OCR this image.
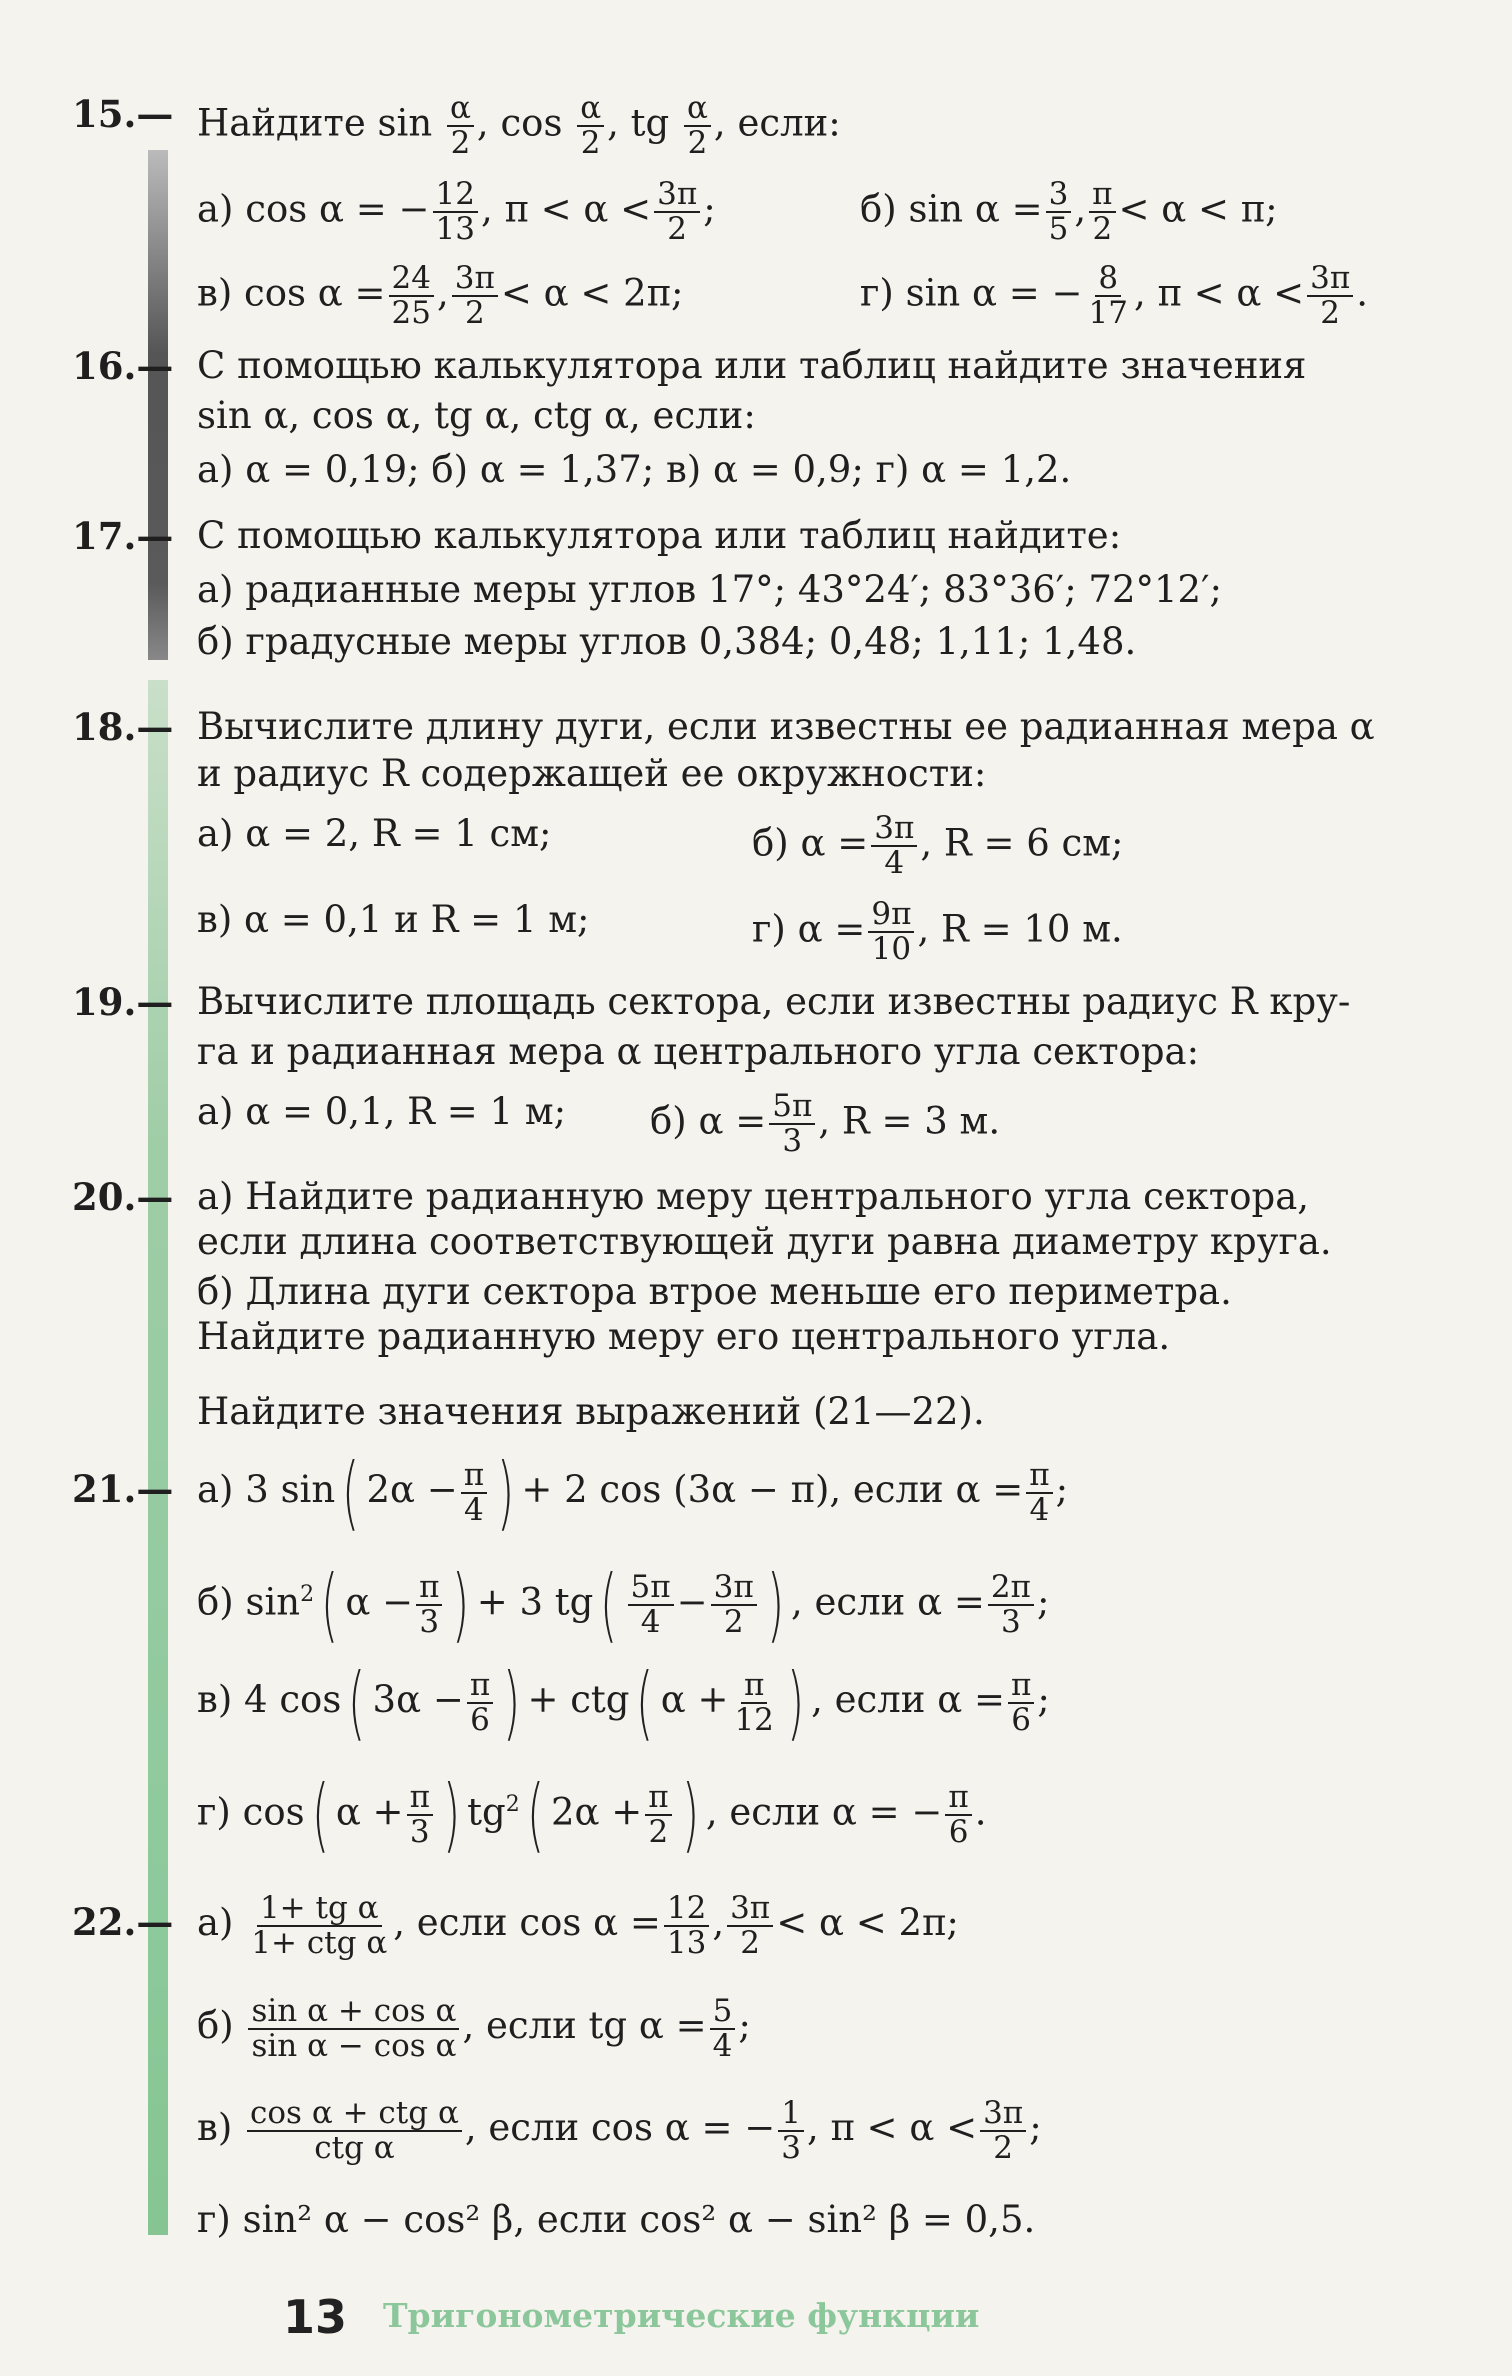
15.— Найдите $\sin \frac{\alpha}{2}$ , $\cos \frac{\alpha}{2}$ , tg $\frac{\alpha}{2}$ , если:
а) cos α = − $\frac{12}{13}$ , $\pi < \alpha < \frac{3\pi}{2}$ ;	б) $\sin \alpha = \frac{3}{5}$ , $\frac{\pi}{2} < \alpha < \pi$;
в) $\cos \alpha = \frac{24}{25}$ , $\frac{3\pi}{2} < \alpha < 2\pi$;	г) sin α = − $\frac{8}{17}$ , $\pi < \alpha < \frac{3\pi}{2}$ .
16.— С помощью калькулятора или таблиц найдите значения
sin α, cos α, tg α, ctg α, если:
а) α = 0,19; б) α = 1,37; в) α = 0,9; г) α = 1,2.
17.— С помощью калькулятора или таблиц найдите:
а) радианные меры углов 17°; 43°24′; 83°36′; 72°12′;
б) градусные меры углов 0,384; 0,48; 1,11; 1,48.
18.— Вычислите длину дуги, если известны ее радианная мера α
и радиус R содержащей ее окружности:
а) α = 2, R = 1 см;	б) $\alpha = \frac{3\pi}{4}$ , R = 6 см;
в) α = 0,1 и R = 1 м;	г) $\alpha = \frac{9\pi}{10}$ , R = 10 м.
19.— Вычислите площадь сектора, если известны радиус R кру-
га и радианная мера α центрального угла сектора:
а) α = 0,1, R = 1 м; б) $\alpha = \frac{5\pi}{3}$ , R = 3 м.
20.— а) Найдите радианную меру центрального угла сектора,
если длина соответствующей дуги равна диаметру круга.
б) Длина дуги сектора втрое меньше его периметра.
Найдите радианную меру его центрального угла.
Найдите значения выражений (21—22).
21.— а) 3 sin( $2\alpha - \frac{\pi}{4}$ ) + 2 cos (3α − π), если $\alpha = \frac{\pi}{4}$ ;
б) $\sin^2$( $\alpha - \frac{\pi}{3}$ ) + 3 $tg( \frac{5\pi}{4} - \frac{3\pi}{2}$ ) , если $\alpha = \frac{2\pi}{3}$ ;
в) 4 cos( $3\alpha - \frac{\pi}{6}$ ) + ctg( $\alpha + \frac{\pi}{12}$ ) , если $\alpha = \frac{\pi}{6}$ ;
г) cos( $\alpha + \frac{\pi}{3}$ ) $tg^2$( $2\alpha + \frac{\pi}{2}$ ) , если α = − $\frac{\pi}{6}$ .
22.— $а) \frac{\text{1+ tg α}}{\text{1+ ctg α}}$ , если $\cos \alpha = \frac{12}{13}$ , $\frac{3\pi}{2} < \alpha < 2\pi$;
$б) \frac{\text{sin α + cos α}}{\text{sin α − cos α}}$ , если tg $\alpha = \frac{5}{4}$ ;
$в) \frac{\text{cos α + ctg α}}{\text{ctg α}}$ , если cos α = − $\frac{1}{3}$ , $\pi < \alpha < \frac{3\pi}{2}$ ;
г) sin² α − cos² β, если cos² α − sin² β = 0,5.
13 Тригонометрические функции
